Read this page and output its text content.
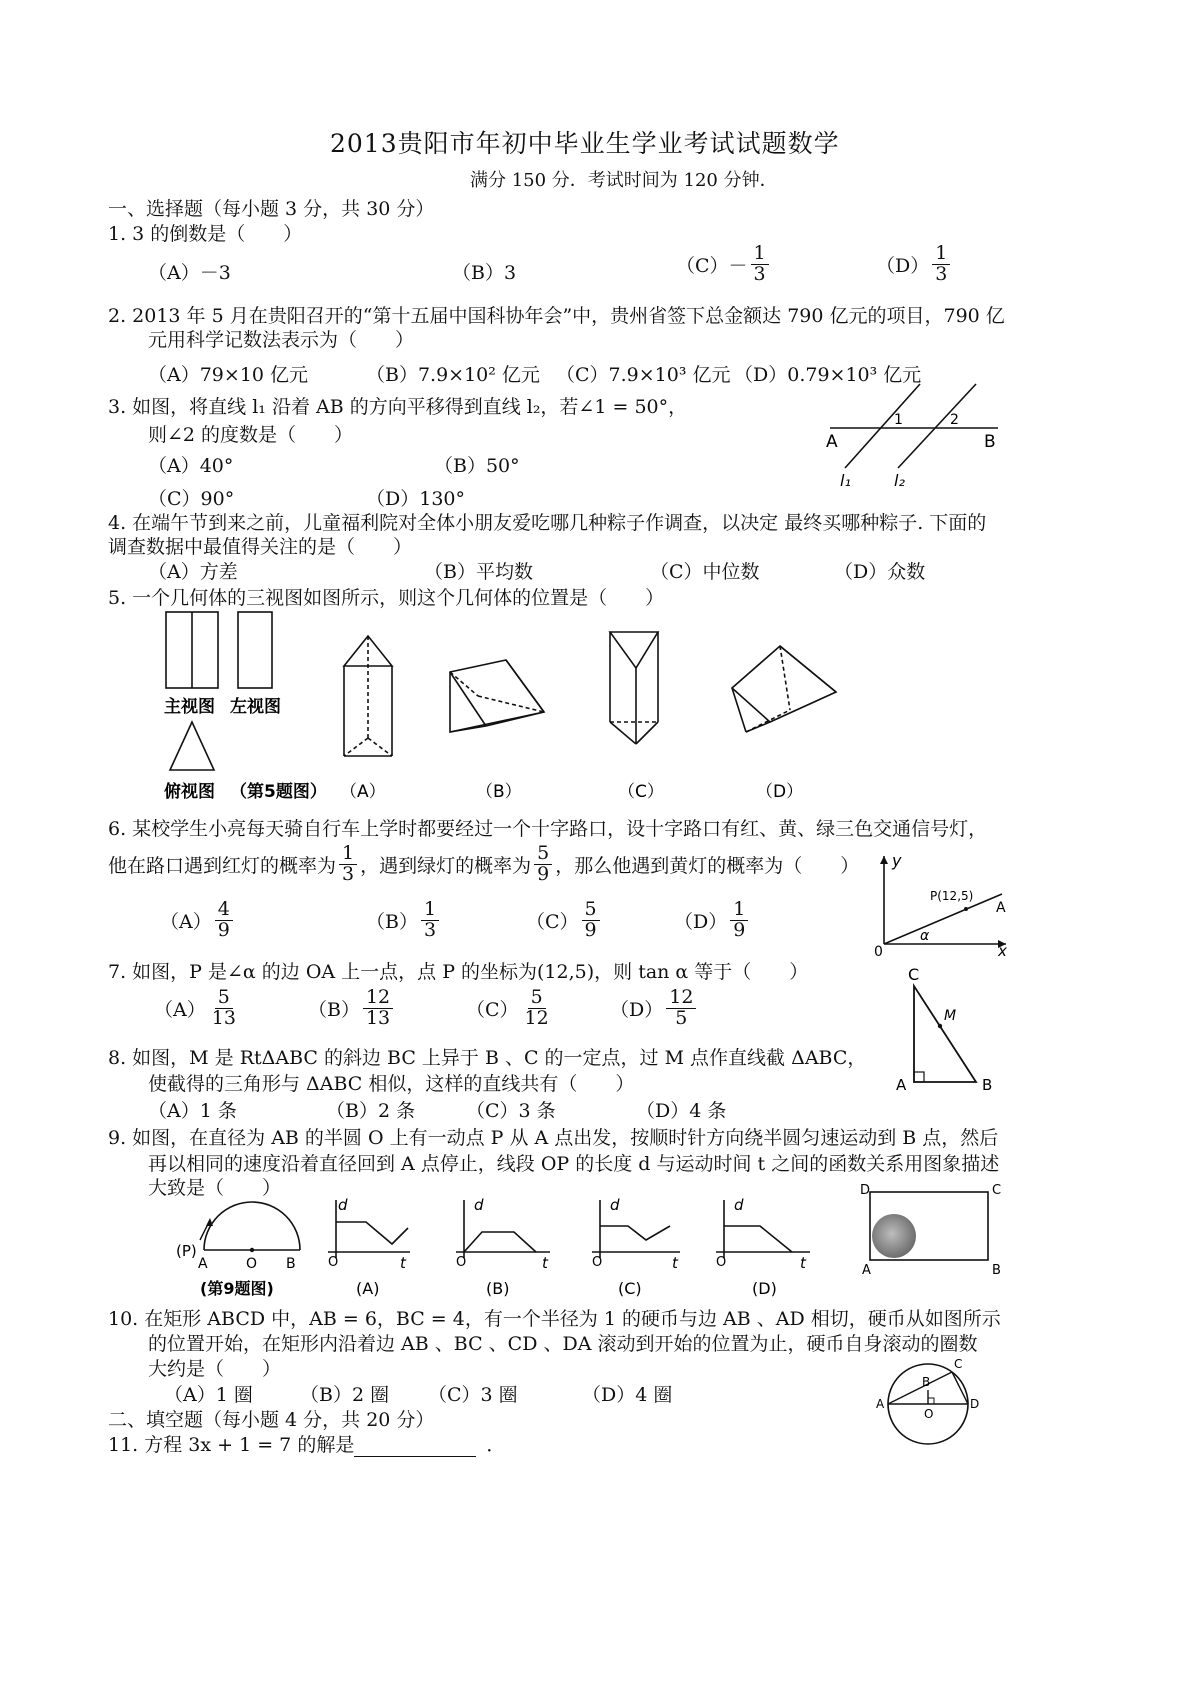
2013贵阳市年初中毕业生学业考试试题数学
满分 150 分．考试时间为 120 分钟．
一、选择题（每小题 3 分，共 30 分）
1. 3 的倒数是（　　）
（A）－3	（B）3	$(C)- \frac{1}{3}$	$(D) \frac{1}{3}$
2. 2013 年 5 月在贵阳召开的“第十五届中国科协年会”中，贵州省签下总金额达 790 亿元的项目，790 亿
元用科学记数法表示为（　　）
（A）79×10 亿元	（B）7.9×10² 亿元 （C）7.9×10³ 亿元 （D）0.79×10³ 亿元
3. 如图，将直线 l₁ 沿着 AB 的方向平移得到直线 l₂，若∠1 = 50°，
则∠2 的度数是（　　）
（A）40°	（B）50°
（C）90°	（D）130°
A	B
1	2
l₁	l₂
4. 在端午节到来之前，儿童福利院对全体小朋友爱吃哪几种粽子作调查，以决定 最终买哪种粽子. 下面的
调查数据中最值得关注的是（　　）
（A）方差	（B）平均数	（C）中位数	（D）众数
5. 一个几何体的三视图如图所示，则这个几何体的位置是（　　）
主视图 左视图
俯视图 （第5题图） （A）	（B）	（C）	（D）
6. 某校学生小亮每天骑自行车上学时都要经过一个十字路口，设十字路口有红、黄、绿三色交通信号灯，
他在路口遇到红灯的概率为 $\frac{1}{3}$ ，遇到绿灯的概率为 $\frac{5}{9}$ ，那么他遇到黄灯的概率为（　　）
$(A) \frac{4}{9}$	$(B) \frac{1}{3}$	$(C) \frac{5}{9}$	$(D) \frac{1}{9}$
y
x
0
P(12,5)
A
α
7. 如图，P 是∠α 的边 OA 上一点，点 P 的坐标为(12,5)，则 tan α 等于（　　）
$(A) \frac{5}{13}$	$(B) \frac{12}{13}$	$(C) \frac{5}{12}$	$(D) \frac{12}{5}$
C
M
A	B
8. 如图，M 是 RtΔABC 的斜边 BC 上异于 B 、C 的一定点，过 M 点作直线截 ΔABC，
使截得的三角形与 ΔABC 相似，这样的直线共有（　　）
（A）1 条	（B）2 条	（C）3 条	（D）4 条
9. 如图，在直径为 AB 的半圆 O 上有一动点 P 从 A 点出发，按顺时针方向绕半圆匀速运动到 B 点，然后
再以相同的速度沿着直径回到 A 点停止，线段 OP 的长度 d 与运动时间 t 之间的函数关系用图象描述
大致是（　　）
(P)
A	O B
(第9题图)
d
t
O
(A)
d
t
O
(B)
d
t
O
(C)
d
t
O
(D)
D	C
A	B
10. 在矩形 ABCD 中，AB = 6，BC = 4，有一个半径为 1 的硬币与边 AB 、AD 相切，硬币从如图所示
的位置开始，在矩形内沿着边 AB 、BC 、CD 、DA 滚动到开始的位置为止，硬币自身滚动的圈数
大约是（　　）
（A）1 圈 （B）2 圈 （C）3 圈	（D）4 圈	A
B
C
D
O
二、填空题（每小题 4 分，共 20 分）
11. 方程 3x + 1 = 7 的解是	．
